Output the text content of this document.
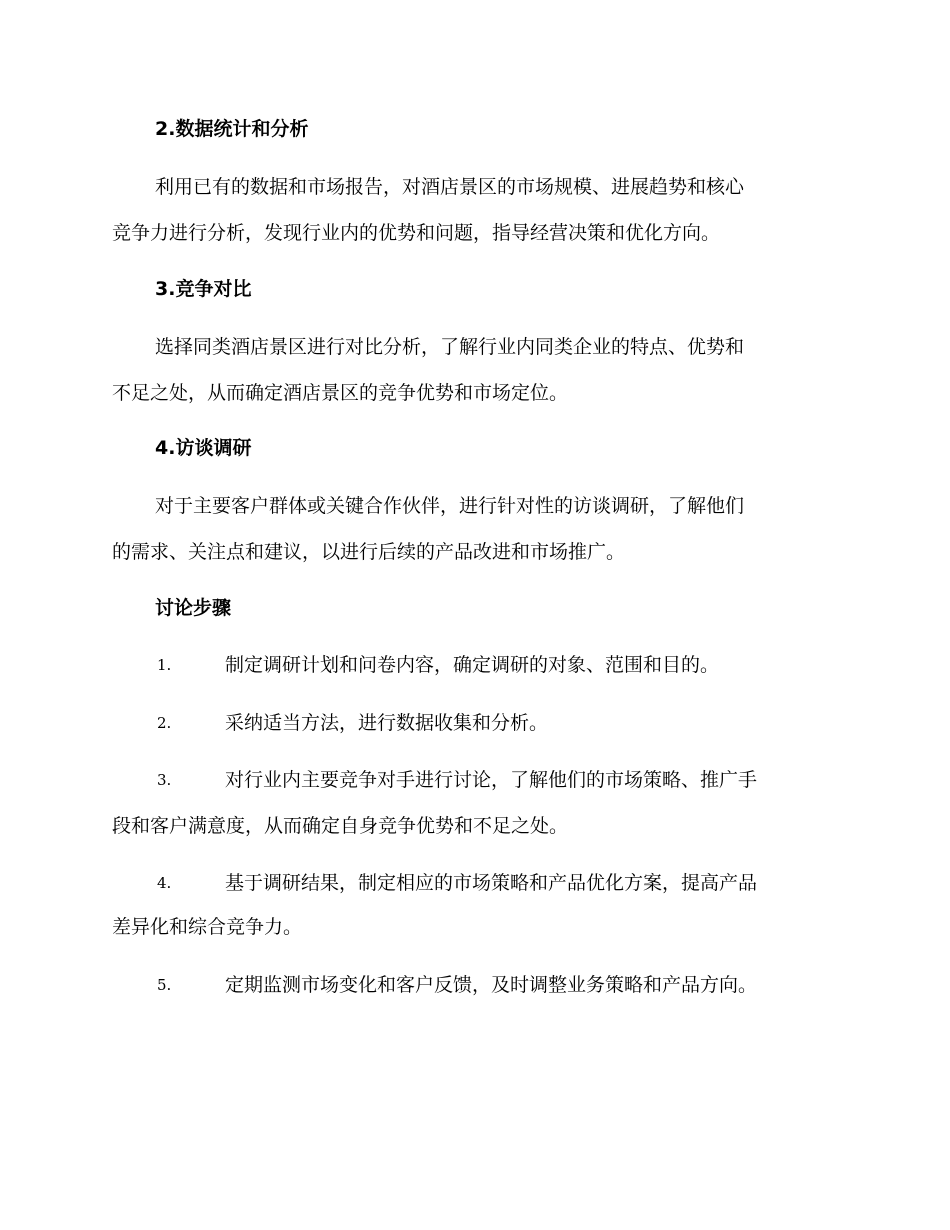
2.数据统计和分析
利用已有的数据和市场报告，对酒店景区的市场规模、进展趋势和核心
竞争力进行分析，发现行业内的优势和问题，指导经营决策和优化方向。
3.竞争对比
选择同类酒店景区进行对比分析，了解行业内同类企业的特点、优势和
不足之处，从而确定酒店景区的竞争优势和市场定位。
4.访谈调研
对于主要客户群体或关键合作伙伴，进行针对性的访谈调研，了解他们
的需求、关注点和建议，以进行后续的产品改进和市场推广。
讨论步骤
1.	制定调研计划和问卷内容，确定调研的对象、范围和目的。
2.	采纳适当方法，进行数据收集和分析。
3.	对行业内主要竞争对手进行讨论，了解他们的市场策略、推广手
段和客户满意度，从而确定自身竞争优势和不足之处。
4.	基于调研结果，制定相应的市场策略和产品优化方案，提高产品
差异化和综合竞争力。
5.	定期监测市场变化和客户反馈，及时调整业务策略和产品方向。
